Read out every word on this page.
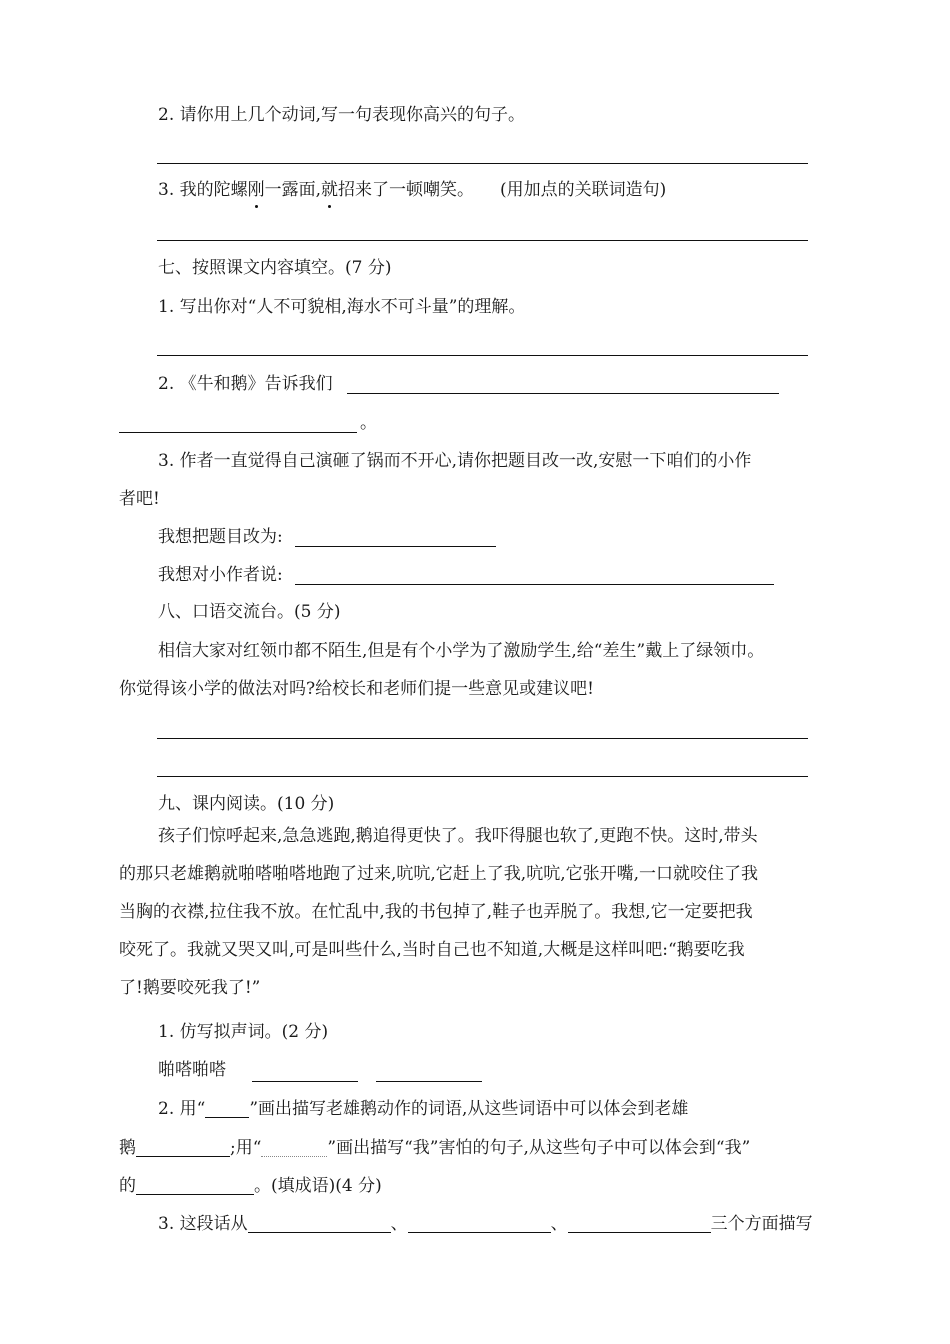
2. 请你用上几个动词,写一句表现你高兴的句子。
3. 我的陀螺刚一露面,就招来了一顿嘲笑。 (用加点的关联词造句)
七、按照课文内容填空。(7 分)
1. 写出你对“人不可貌相,海水不可斗量”的理解。
2. 《牛和鹅》告诉我们
。
3. 作者一直觉得自己演砸了锅而不开心,请你把题目改一改,安慰一下咱们的小作
者吧!
我想把题目改为:
我想对小作者说:
八、口语交流台。(5 分)
相信大家对红领巾都不陌生,但是有个小学为了激励学生,给“差生”戴上了绿领巾。
你觉得该小学的做法对吗?给校长和老师们提一些意见或建议吧!
九、课内阅读。(10 分)
孩子们惊呼起来,急急逃跑,鹅追得更快了。我吓得腿也软了,更跑不快。这时,带头
的那只老雄鹅就啪嗒啪嗒地跑了过来,吭吭,它赶上了我,吭吭,它张开嘴,一口就咬住了我
当胸的衣襟,拉住我不放。在忙乱中,我的书包掉了,鞋子也弄脱了。我想,它一定要把我
咬死了。我就又哭又叫,可是叫些什么,当时自己也不知道,大概是这样叫吧:“鹅要吃我
了!鹅要咬死我了!”
1. 仿写拟声词。(2 分)
啪嗒啪嗒
2. 用“	”画出描写老雄鹅动作的词语,从这些词语中可以体会到老雄
鹅	;用“	”画出描写“我”害怕的句子,从这些句子中可以体会到“我”
的	。(填成语)(4 分)
3. 这段话从	、	、	三个方面描写
